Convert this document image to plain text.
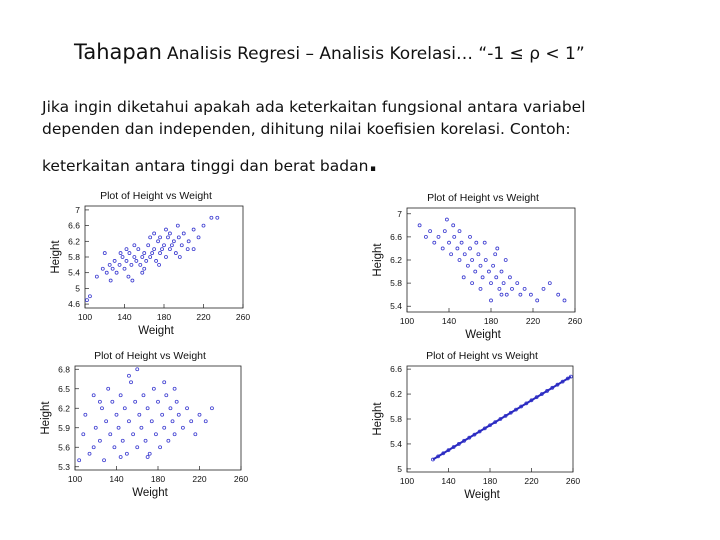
Tahapan Analisis Regresi – Analisis Korelasi… “-1 ≤ ρ < 1”
Jika ingin diketahui apakah ada keterkaitan fungsional antara variabel
dependen dan independen, dihitung nilai koefisien korelasi. Contoh:
keterkaitan antara tinggi dan berat badan.
Plot of Height vs Weight
4.6
5
5.4
5.8
6.2
6.6
7
100	140	180	220	260
Weight
Height
Plot of Height vs Weight
5.4
5.8
6.2
6.6
7
100	140	180	220	260
Weight
Height
Plot of Height vs Weight
5.3
5.6
5.9
6.2
6.5
6.8
100	140	180	220	260
Weight
Height
Plot of Height vs Weight
5
5.4
5.8
6.2
6.6
100	140	180	220	260
Weight
Height
